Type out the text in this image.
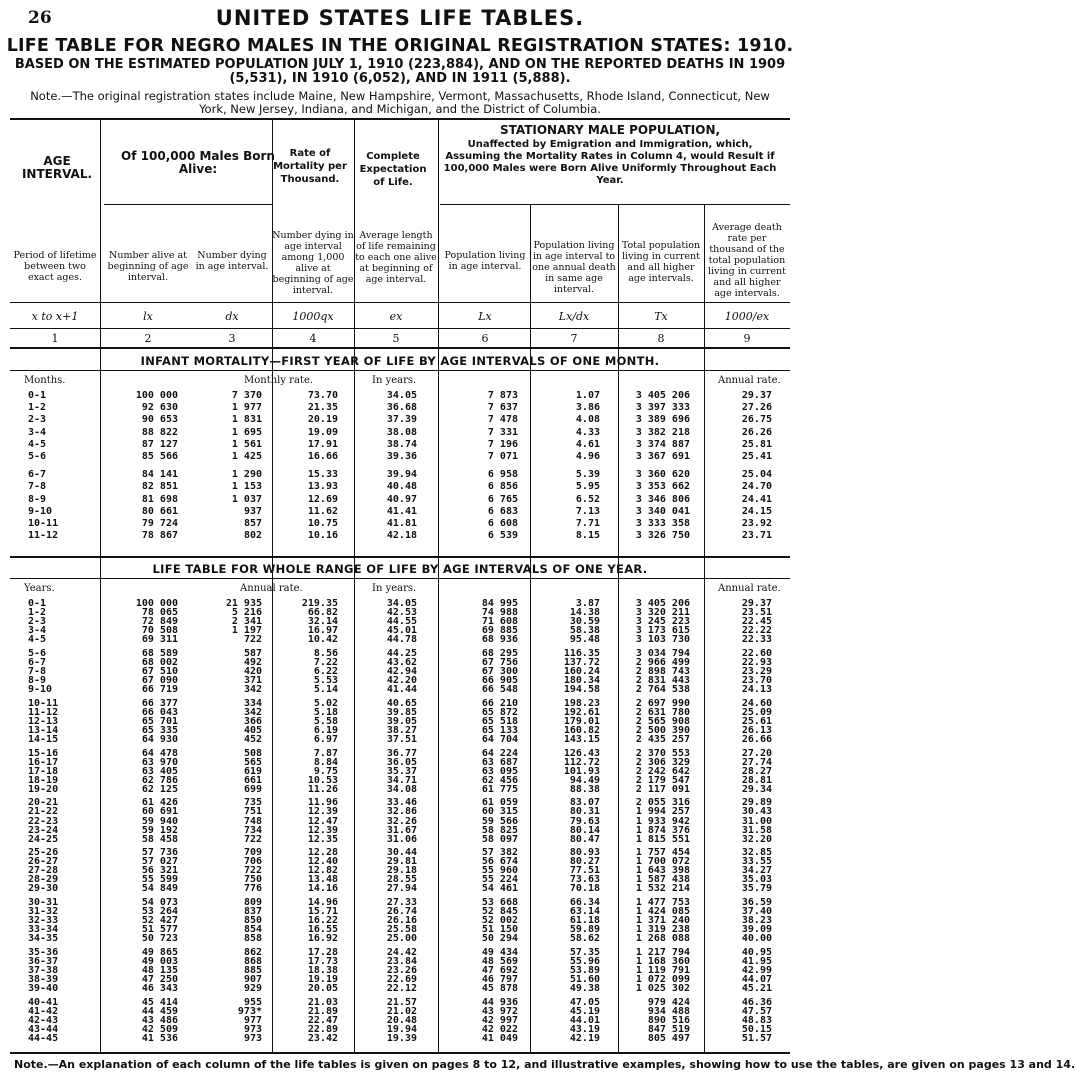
26	UNITED STATES LIFE TABLES.
LIFE TABLE FOR NEGRO MALES IN THE ORIGINAL REGISTRATION STATES: 1910.
BASED ON THE ESTIMATED POPULATION JULY 1, 1910 (223,884), AND ON THE REPORTED DEATHS IN 1909 (5,531), IN 1910 (6,052), AND IN 1911 (5,888).
Note.—The original registration states include Maine, New Hampshire, Vermont, Massachusetts, Rhode Island, Connecticut, New York, New Jersey, Indiana, and Michigan, and the District of Columbia.
AGE INTERVAL.
Of 100,000 Males Born Alive:
Rate of Mortality per Thousand.
Complete Expectation of Life.
STATIONARY MALE POPULATION,
Unaffected by Emigration and Immigration, which, Assuming the Mortality Rates in Column 4, would Result if 100,000 Males were Born Alive Uniformly Throughout Each Year.
Period of lifetime between two exact ages.
Number alive at beginning of age interval.
Number dying in age interval.
Number dying in age interval among 1,000 alive at beginning of age interval.
Average length of life remaining to each one alive at beginning of age interval.
Population living in age interval.
Population living in age interval to one annual death in same age interval.
Total population living in current and all higher age intervals.
Average death rate per thousand of the total population living in current and all higher age intervals.
x to x+1	lx	dx	1000qx	ex	Lx	Lx/dx	Tx	1000/ex
1	2	3	4	5	6	7	8	9
INFANT MORTALITY—FIRST YEAR OF LIFE BY AGE INTERVALS OF ONE MONTH.
Months.	Monthly rate.	In years.	Annual rate.
0-1	100 000	7 370	73.70	34.05	7 873	1.07	3 405 206	29.37
1-2	92 630	1 977	21.35	36.68	7 637	3.86	3 397 333	27.26
2-3	90 653	1 831	20.19	37.39	7 478	4.08	3 389 696	26.75
3-4	88 822	1 695	19.09	38.08	7 331	4.33	3 382 218	26.26
4-5	87 127	1 561	17.91	38.74	7 196	4.61	3 374 887	25.81
5-6	85 566	1 425	16.66	39.36	7 071	4.96	3 367 691	25.41
6-7	84 141	1 290	15.33	39.94	6 958	5.39	3 360 620	25.04
7-8	82 851	1 153	13.93	40.48	6 856	5.95	3 353 662	24.70
8-9	81 698	1 037	12.69	40.97	6 765	6.52	3 346 806	24.41
9-10	80 661	937	11.62	41.41	6 683	7.13	3 340 041	24.15
10-11	79 724	857	10.75	41.81	6 608	7.71	3 333 358	23.92
11-12	78 867	802	10.16	42.18	6 539	8.15	3 326 750	23.71
LIFE TABLE FOR WHOLE RANGE OF LIFE BY AGE INTERVALS OF ONE YEAR.
Years.	Annual rate.	In years.	Annual rate.
0-1	100 000	21 935	219.35	34.05	84 995	3.87	3 405 206	29.37
1-2	78 065	5 216	66.82	42.53	74 988	14.38	3 320 211	23.51
2-3	72 849	2 341	32.14	44.55	71 608	30.59	3 245 223	22.45
3-4	70 508	1 197	16.97	45.01	69 885	58.38	3 173 615	22.22
4-5	69 311	722	10.42	44.78	68 936	95.48	3 103 730	22.33
5-6	68 589	587	8.56	44.25	68 295	116.35	3 034 794	22.60
6-7	68 002	492	7.22	43.62	67 756	137.72	2 966 499	22.93
7-8	67 510	420	6.22	42.94	67 300	160.24	2 898 743	23.29
8-9	67 090	371	5.53	42.20	66 905	180.34	2 831 443	23.70
9-10	66 719	342	5.14	41.44	66 548	194.58	2 764 538	24.13
10-11	66 377	334	5.02	40.65	66 210	198.23	2 697 990	24.60
11-12	66 043	342	5.18	39.85	65 872	192.61	2 631 780	25.09
12-13	65 701	366	5.58	39.05	65 518	179.01	2 565 908	25.61
13-14	65 335	405	6.19	38.27	65 133	160.82	2 500 390	26.13
14-15	64 930	452	6.97	37.51	64 704	143.15	2 435 257	26.66
15-16	64 478	508	7.87	36.77	64 224	126.43	2 370 553	27.20
16-17	63 970	565	8.84	36.05	63 687	112.72	2 306 329	27.74
17-18	63 405	619	9.75	35.37	63 095	101.93	2 242 642	28.27
18-19	62 786	661	10.53	34.71	62 456	94.49	2 179 547	28.81
19-20	62 125	699	11.26	34.08	61 775	88.38	2 117 091	29.34
20-21	61 426	735	11.96	33.46	61 059	83.07	2 055 316	29.89
21-22	60 691	751	12.39	32.86	60 315	80.31	1 994 257	30.43
22-23	59 940	748	12.47	32.26	59 566	79.63	1 933 942	31.00
23-24	59 192	734	12.39	31.67	58 825	80.14	1 874 376	31.58
24-25	58 458	722	12.35	31.06	58 097	80.47	1 815 551	32.20
25-26	57 736	709	12.28	30.44	57 382	80.93	1 757 454	32.85
26-27	57 027	706	12.40	29.81	56 674	80.27	1 700 072	33.55
27-28	56 321	722	12.82	29.18	55 960	77.51	1 643 398	34.27
28-29	55 599	750	13.48	28.55	55 224	73.63	1 587 438	35.03
29-30	54 849	776	14.16	27.94	54 461	70.18	1 532 214	35.79
30-31	54 073	809	14.96	27.33	53 668	66.34	1 477 753	36.59
31-32	53 264	837	15.71	26.74	52 845	63.14	1 424 085	37.40
32-33	52 427	850	16.22	26.16	52 002	61.18	1 371 240	38.23
33-34	51 577	854	16.55	25.58	51 150	59.89	1 319 238	39.09
34-35	50 723	858	16.92	25.00	50 294	58.62	1 268 088	40.00
35-36	49 865	862	17.28	24.42	49 434	57.35	1 217 794	40.95
36-37	49 003	868	17.73	23.84	48 569	55.96	1 168 360	41.95
37-38	48 135	885	18.38	23.26	47 692	53.89	1 119 791	42.99
38-39	47 250	907	19.19	22.69	46 797	51.60	1 072 099	44.07
39-40	46 343	929	20.05	22.12	45 878	49.38	1 025 302	45.21
40-41	45 414	955	21.03	21.57	44 936	47.05	979 424	46.36
41-42	44 459	973*	21.89	21.02	43 972	45.19	934 488	47.57
42-43	43 486	977	22.47	20.48	42 997	44.01	890 516	48.83
43-44	42 509	973	22.89	19.94	42 022	43.19	847 519	50.15
44-45	41 536	973	23.42	19.39	41 049	42.19	805 497	51.57
Note.—An explanation of each column of the life tables is given on pages 8 to 12, and illustrative examples, showing how to use the tables, are given on pages 13 and 14.
